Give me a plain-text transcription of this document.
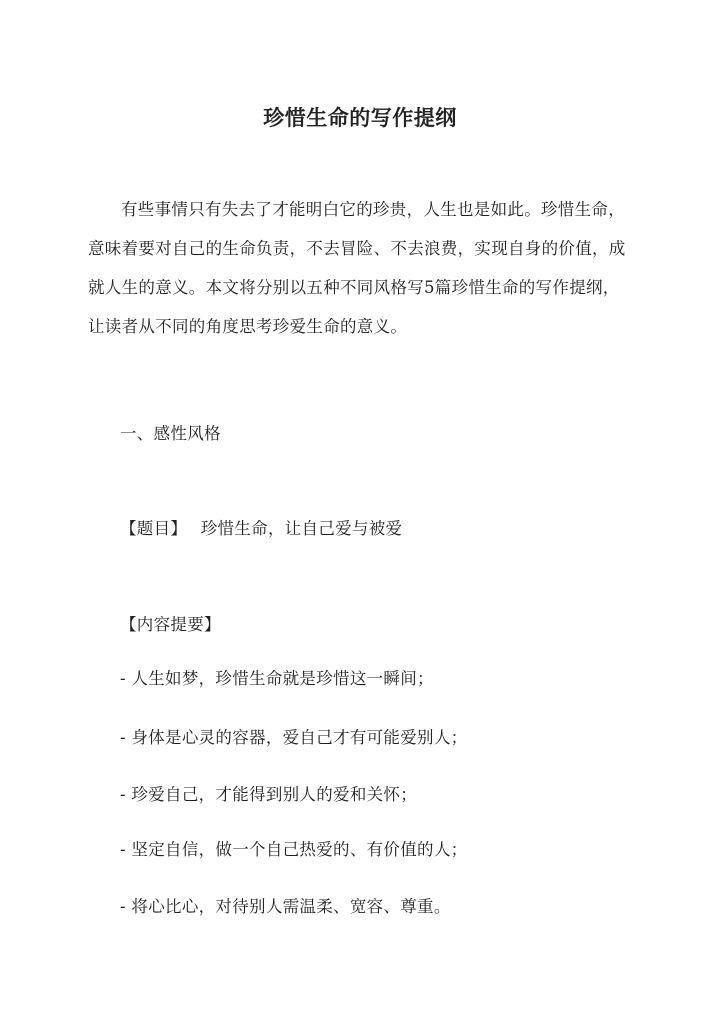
珍惜生命的写作提纲

有些事情只有失去了才能明白它的珍贵，人生也是如此。珍惜生命，意味着要对自己的生命负责，不去冒险、不去浪费，实现自身的价值，成就人生的意义。本文将分别以五种不同风格写5篇珍惜生命的写作提纲，让读者从不同的角度思考珍爱生命的意义。

一、感性风格
【题目】 珍惜生命，让自己爱与被爱
【内容提要】
- 人生如梦，珍惜生命就是珍惜这一瞬间；
- 身体是心灵的容器，爱自己才有可能爱别人；
- 珍爱自己，才能得到别人的爱和关怀；
- 坚定自信，做一个自己热爱的、有价值的人；
- 将心比心，对待别人需温柔、宽容、尊重。
